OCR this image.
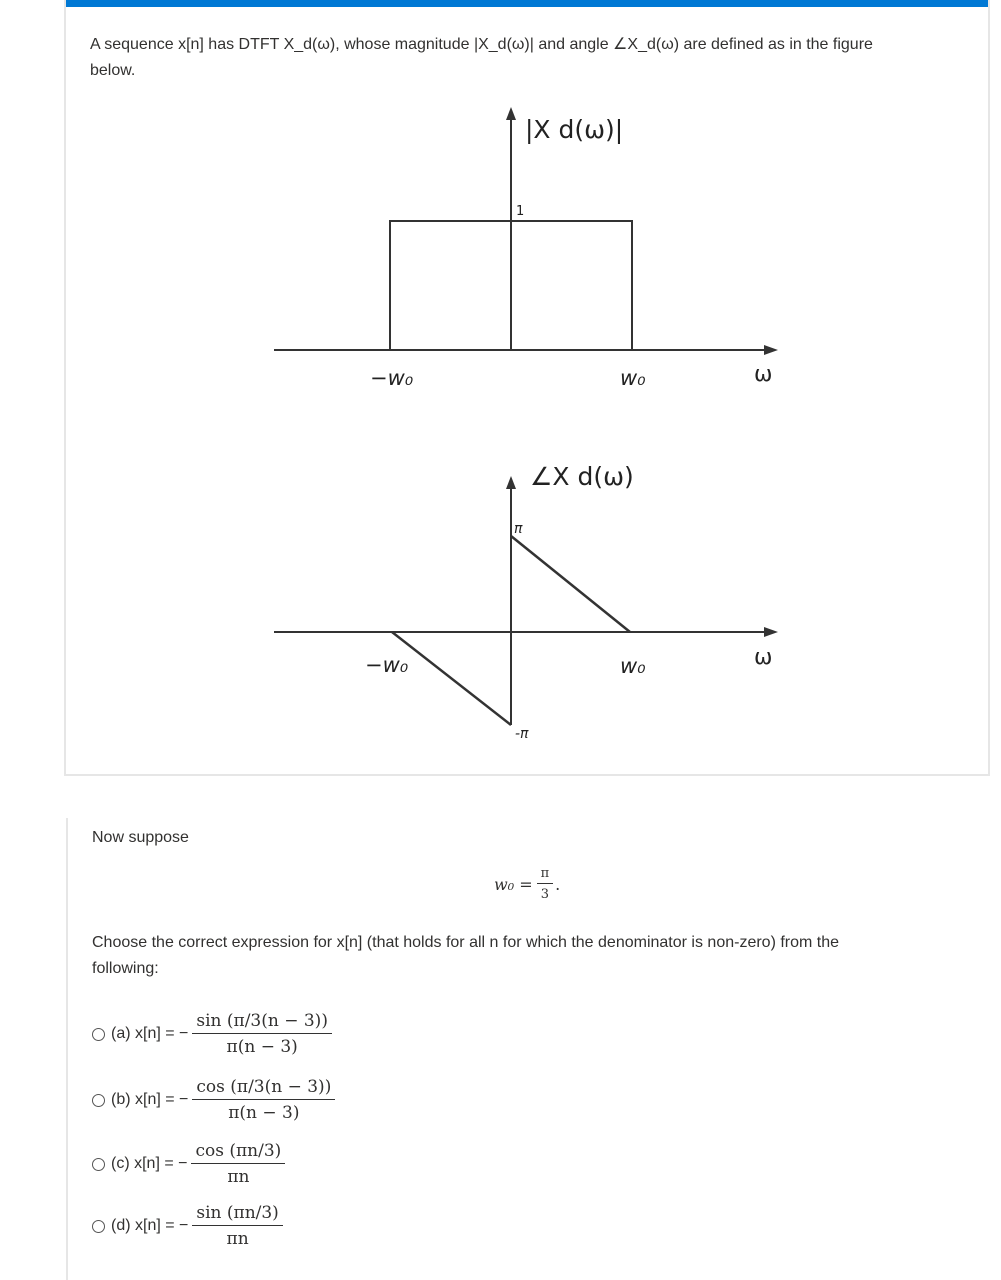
A sequence x[n] has DTFT X_d(ω), whose magnitude |X_d(ω)| and angle ∠X_d(ω) are defined as in the figure

below.

|X d(ω)|
1
−w₀	w₀	ω
∠X d(ω)
π
-π
−w₀	w₀	ω

Now suppose

$w_0 = \frac{\pi}{3}$ .

Choose the correct expression for x[n] (that holds for all n for which the denominator is non-zero) from the

following:

(a) x[n] = − $\frac{\sin (\pi/3(n - 3))}{\pi(n - 3)}$
(b) x[n] = − $\frac{\cos (\pi/3(n - 3))}{\pi(n - 3)}$
(c) x[n] = − $\frac{\cos (\pi n/3)}{\pi n}$
(d) x[n] = − $\frac{\sin (\pi n/3)}{\pi n}$
